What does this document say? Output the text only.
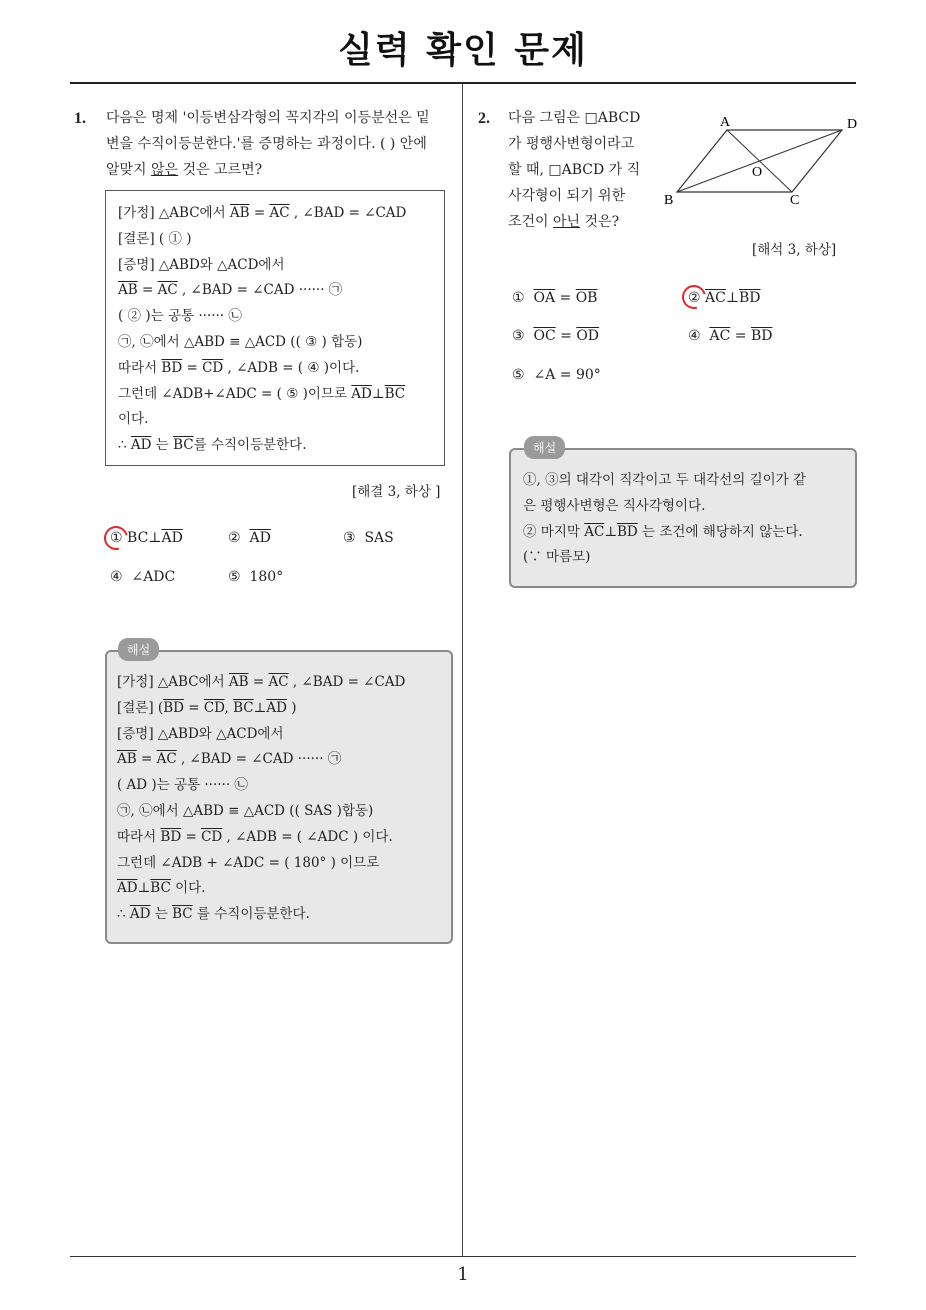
실력 확인 문제
1. 다음은 명제 '이등변삼각형의 꼭지각의 이등분선은 밑
변을 수직이등분한다.'를 증명하는 과정이다. ( ) 안에
알맞지 않은 것은 고르면?
[가정] △ABC에서 $\overline{AB} = \overline{AC}$ , ∠BAD = ∠CAD
[결론] ( ① )
[증명] △ABD와 △ACD에서
$\overline{AB} = \overline{AC}$ , ∠BAD = ∠CAD ······ ㉠
( ② )는 공통 ······ ㉡
㉠, ㉡에서 △ABD ≡ △ACD (( ③ ) 합동)
따라서 $\overline{BD} = \overline{CD}$ , ∠ADB = ( ④ )이다.
그런데 ∠ADB+∠ADC = ( ⑤ )이므로 $\overline{AD}\perp\overline{BC}$
이다.
∴ $\overline{AD}$ 는 $\overline{BC}$를 수직이등분한다.
[해결 3, 하상 ]
① $BC\perp\overline{AD}$	② $\overline{AD}$	③ SAS
④ ∠ADC	⑤ 180°
[가정] △ABC에서 $\overline{AB} = \overline{AC}$ , ∠BAD = ∠CAD
[결론] ($\overline{BD} = \overline{CD}$, $\overline{BC}\perp\overline{AD}$ )
[증명] △ABD와 △ACD에서
$\overline{AB} = \overline{AC}$ , ∠BAD = ∠CAD ······ ㉠
( AD )는 공통 ······ ㉡
㉠, ㉡에서 △ABD ≡ △ACD (( SAS )합동)
따라서 $\overline{BD} = \overline{CD}$ , ∠ADB = ( ∠ADC ) 이다.
그런데 ∠ADB + ∠ADC = ( 180° ) 이므로
$\overline{AD}\perp\overline{BC}$ 이다.
∴ $\overline{AD}$ 는 $\overline{BC}$ 를 수직이등분한다.
해설
2. 다음 그림은 □ABCD
가 평행사변형이라고
할 때, □ABCD 가 직
사각형이 되기 위한
조건이 아닌 것은?
A	D
B	C
O
[해석 3, 하상]
① $\overline{OA} = \overline{OB}$	② $\overline{AC}\perp\overline{BD}$
③ $\overline{OC} = \overline{OD}$	④ $\overline{AC} = \overline{BD}$
⑤ ∠A = 90°
①, ③의 대각이 직각이고 두 대각선의 길이가 같
은 평행사변형은 직사각형이다.
② 마지막 $\overline{AC}\perp\overline{BD}$ 는 조건에 해당하지 않는다.
(∵ 마름모)
해설
1
